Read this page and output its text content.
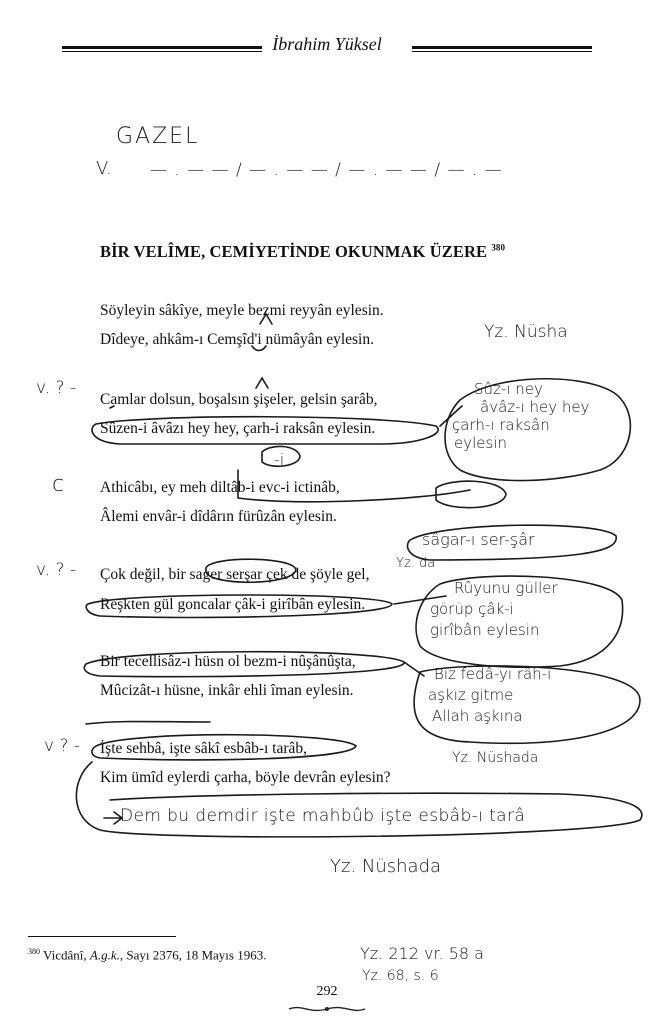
İbrahim Yüksel
GAZEL
V. — . — — / — . — — / — . — — / — . —
BİR VELÎME, CEMİYETİNDE OKUNMAK ÜZERE $^{380}$
Söyleyin sâkîye, meyle bezmi reyyân eylesin.
Dîdeye, ahkâm-ı Cemşîd'i nümâyân eylesin.
Camlar dolsun, boşalsın şişeler, gelsin şarâb,
Sûzen-i âvâzı hey hey, çarh-i raksân eylesin.
Athicâbı, ey meh diltâb-i evc-i ictinâb,
Âlemi envâr-i dîdârın fürûzân eylesin.
Çok değil, bir sager serşar çek de şöyle gel,
Reşkten gül goncalar çâk-i girîbân eylesin.
Bir tecellisâz-ı hüsn ol bezm-i nûşânûşta,
Mûcizât-ı hüsne, inkâr ehli îman eylesin.
İşte sehbâ, işte sâkî esbâb-ı tarâb,
Kim ümîd eylerdi çarha, böyle devrân eylesin?
Yz. Nüsha
v. ? -
c
v. ? -
v ? -
Sûz-ı ney
âvâz-ı hey hey
çarh-ı raksân
eylesin
-i
sâgar-ı ser-şâr
Yz. da
Rûyunu güller
görüp çâk-i
girîbân eylesin
Biz fedâ-yı râh-ı
aşkız gitme
Allah aşkına
Yz. Nüshada
Dem bu demdir işte mahbûb işte esbâb-ı tarâ
Yz. Nüshada
$^{380}$ Vicdânî, A.g.k., Sayı 2376, 18 Mayıs 1963.	Yz. 212 vr. 58 a
Yz. 68, s. 6
292
